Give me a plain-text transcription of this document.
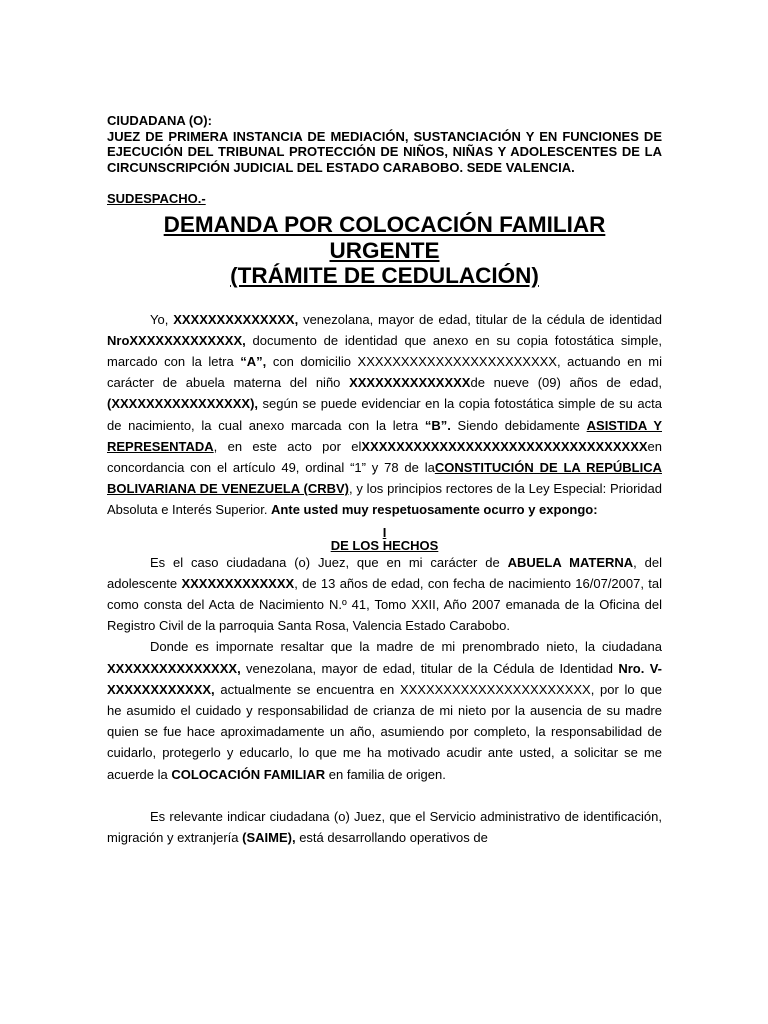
CIUDADANA (O):

JUEZ DE PRIMERA INSTANCIA DE MEDIACIÓN, SUSTANCIACIÓN Y EN FUNCIONES DE EJECUCIÓN DEL TRIBUNAL PROTECCIÓN DE NIÑOS, NIÑAS Y ADOLESCENTES DE LA CIRCUNSCRIPCIÓN JUDICIAL DEL ESTADO CARABOBO. SEDE VALENCIA.

SUDESPACHO.-
DEMANDA POR COLOCACIÓN FAMILIAR
URGENTE
(TRÁMITE DE CEDULACIÓN)

Yo, XXXXXXXXXXXXXX, venezolana, mayor de edad, titular de la cédula de identidad NroXXXXXXXXXXXXX, documento de identidad que anexo en su copia fotostática simple, marcado con la letra “A”, con domicilio XXXXXXXXXXXXXXXXXXXXXXX, actuando en mi carácter de abuela materna del niño XXXXXXXXXXXXXXde nueve (09) años de edad, (XXXXXXXXXXXXXXXX), según se puede evidenciar en la copia fotostática simple de su acta de nacimiento, la cual anexo marcada con la letra “B”. Siendo debidamente ASISTIDA Y REPRESENTADA, en este acto por elXXXXXXXXXXXXXXXXXXXXXXXXXXXXXXXXXen concordancia con el artículo 49, ordinal “1” y 78 de laCONSTITUCIÓN DE LA REPÚBLICA BOLIVARIANA DE VENEZUELA (CRBV), y los principios rectores de la Ley Especial: Prioridad Absoluta e Interés Superior. Ante usted muy respetuosamente ocurro y expongo:

I
DE LOS HECHOS

Es el caso ciudadana (o) Juez, que en mi carácter de ABUELA MATERNA, del adolescente XXXXXXXXXXXXX, de 13 años de edad, con fecha de nacimiento 16/07/2007, tal como consta del Acta de Nacimiento N.º 41, Tomo XXII, Año 2007 emanada de la Oficina del Registro Civil de la parroquia Santa Rosa, Valencia Estado Carabobo.

Donde es impornate resaltar que la madre de mi prenombrado nieto, la ciudadana XXXXXXXXXXXXXXX, venezolana, mayor de edad, titular de la Cédula de Identidad Nro. V- XXXXXXXXXXXX, actualmente se encuentra en XXXXXXXXXXXXXXXXXXXXXX, por lo que he asumido el cuidado y responsabilidad de crianza de mi nieto por la ausencia de su madre quien se fue hace aproximadamente un año, asumiendo por completo, la responsabilidad de cuidarlo, protegerlo y educarlo, lo que me ha motivado acudir ante usted, a solicitar se me acuerde la COLOCACIÓN FAMILIAR en familia de origen.

Es relevante indicar ciudadana (o) Juez, que el Servicio administrativo de identificación, migración y extranjería (SAIME), está desarrollando operativos de
